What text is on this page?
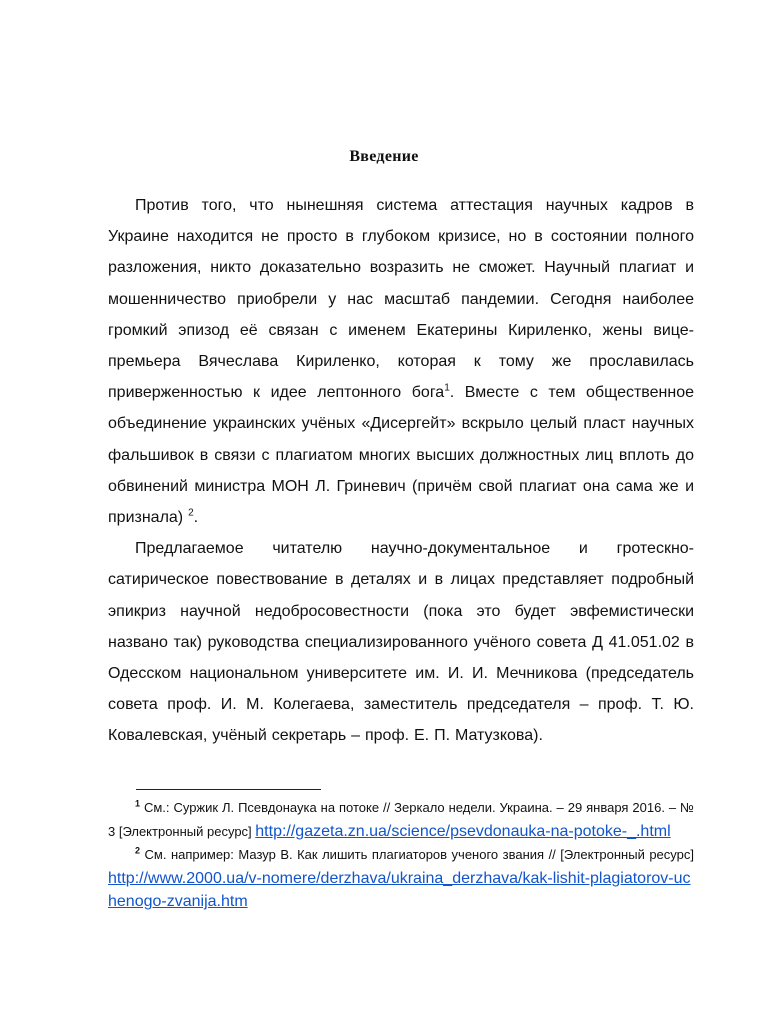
Введение

Против того, что нынешняя система аттестация научных кадров в Украине находится не просто в глубоком кризисе, но в состоянии полного разложения, никто доказательно возразить не сможет. Научный плагиат и мошенничество приобрели у нас масштаб пандемии. Сегодня наиболее громкий эпизод её связан с именем Екатерины Кириленко, жены вице-премьера Вячеслава Кириленко, которая к тому же прославилась приверженностью к идее лептонного бога$^1$. Вместе с тем общественное объединение украинских учёных «Дисергейт» вскрыло целый пласт научных фальшивок в связи с плагиатом многих высших должностных лиц вплоть до обвинений министра МОН Л. Гриневич (причём свой плагиат она сама же и признала) $^2$.

Предлагаемое читателю научно-документальное и гротескно-сатирическое повествование в деталях и в лицах представляет подробный эпикриз научной недобросовестности (пока это будет эвфемистически названо так) руководства специализированного учёного совета Д 41.051.02 в Одесском национальном университете им. И. И. Мечникова (председатель совета проф. И. М. Колегаева, заместитель председателя – проф. Т. Ю. Ковалевская, учёный секретарь – проф. Е. П. Матузкова).

$^1$ См.: Суржик Л. Псевдонаука на потоке // Зеркало недели. Украина. – 29 января 2016. – № 3 [Электронный ресурс] http://gazeta.zn.ua/science/psevdonauka-na-potoke-_.html

$^2$ См. например: Мазур В. Как лишить плагиаторов ученого звания // [Электронный ресурс] http://www.2000.ua/v-nomere/derzhava/ukraina_derzhava/kak-lishit-plagiatorov-uchenogo-zvanija.htm
